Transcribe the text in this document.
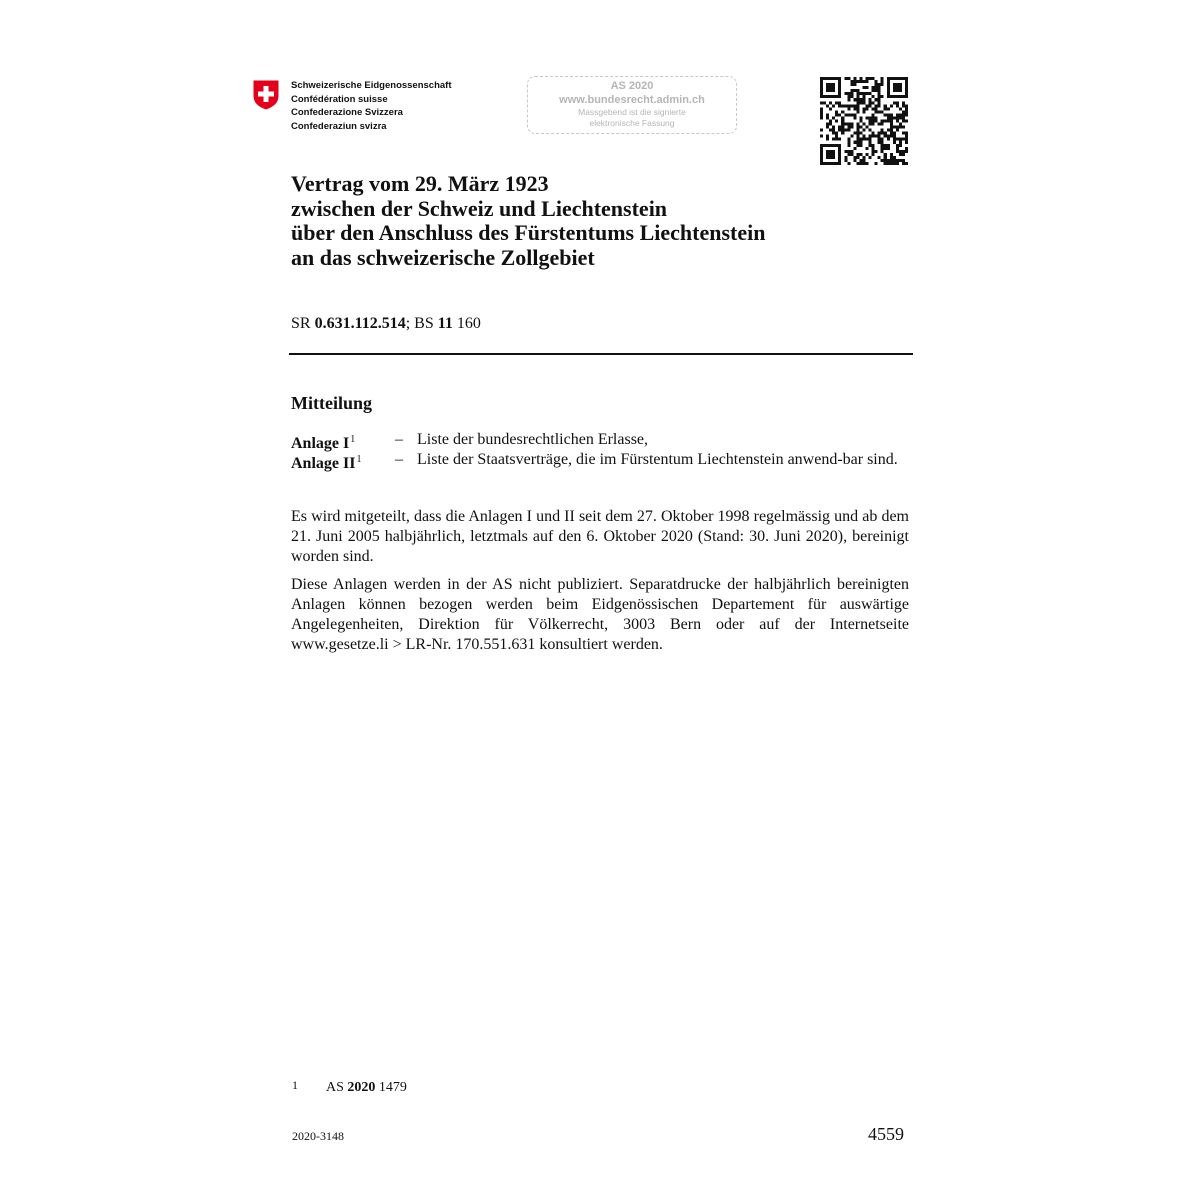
Schweizerische Eidgenossenschaft
Confédération suisse
Confederazione Svizzera
Confederaziun svizra
AS 2020
www.bundesrecht.admin.ch
Massgebend ist die signierte
elektronische Fassung
Vertrag vom 29. März 1923
zwischen der Schweiz und Liechtenstein
über den Anschluss des Fürstentums Liechtenstein
an das schweizerische Zollgebiet
SR 0.631.112.514; BS 11 160
Mitteilung
Anlage $I^1$ – Liste der bundesrechtlichen Erlasse,
Anlage $II^1$ – Liste der Staatsverträge, die im Fürstentum Liechtenstein anwend-bar sind.
Es wird mitgeteilt, dass die Anlagen I und II seit dem 27. Oktober 1998 regelmässig und ab dem 21. Juni 2005 halbjährlich, letztmals auf den 6. Oktober 2020 (Stand: 30. Juni 2020), bereinigt worden sind.
Diese Anlagen werden in der AS nicht publiziert. Separatdrucke der halbjährlich bereinigten Anlagen können bezogen werden beim Eidgenössischen Departement für auswärtige Angelegenheiten, Direktion für Völkerrecht, 3003 Bern oder auf der Internetseite www.gesetze.li > LR-Nr. 170.551.631 konsultiert werden.
1 AS 2020 1479
2020-3148	4559
